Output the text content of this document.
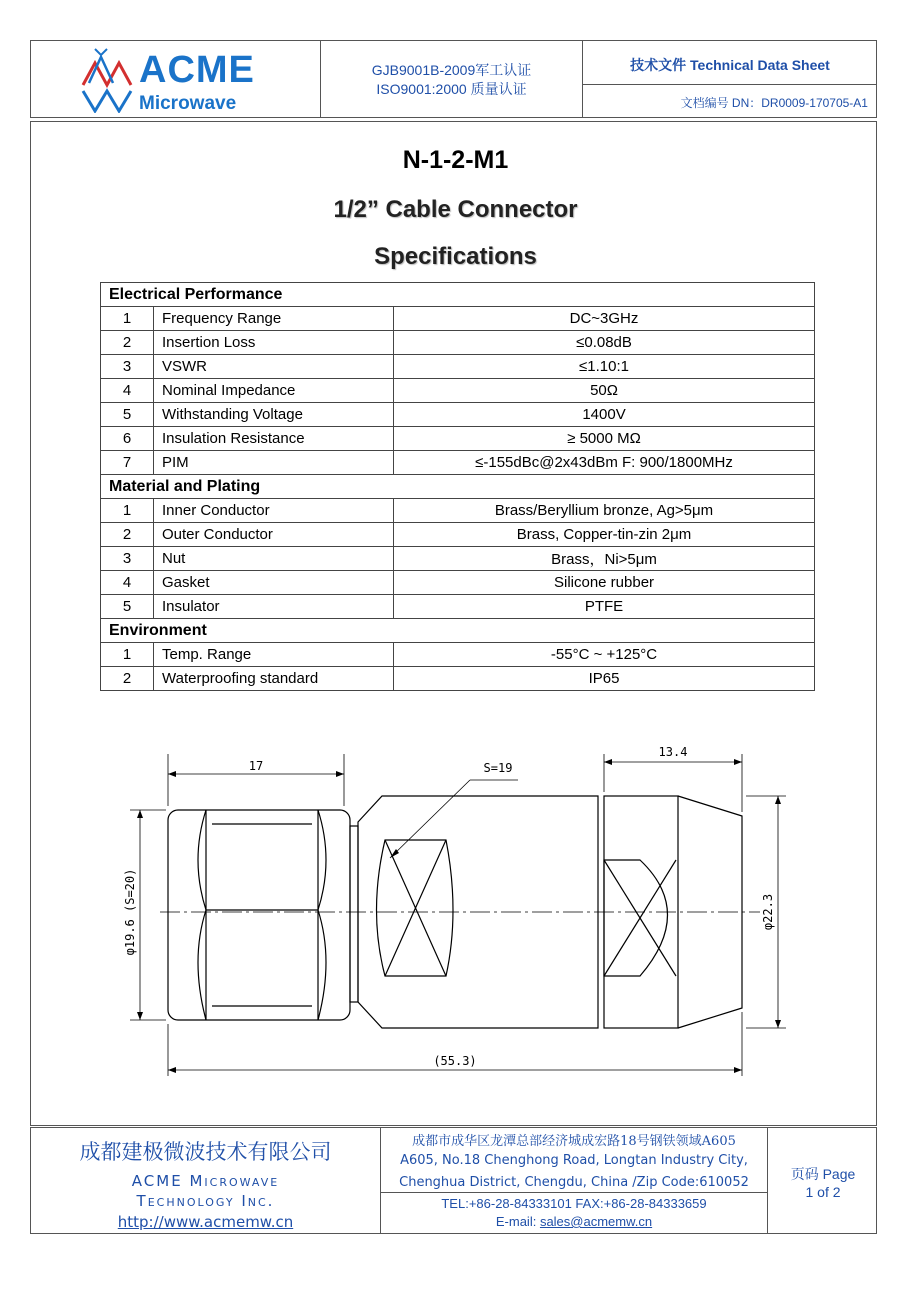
ACME
Microwave
GJB9001B-2009军工认证
ISO9001:2000 质量认证
技术文件 Technical Data Sheet
文档编号 DN：DR0009-170705-A1
N-1-2-M1
1/2” Cable Connector
Specifications
Electrical Performance		
1	Frequency Range	DC~3GHz
2	Insertion Loss	≤0.08dB
3	VSWR	≤1.10:1
4	Nominal Impedance	50Ω
5	Withstanding Voltage	1400V
6	Insulation Resistance	≥ 5000 MΩ
7	PIM	≤-155dBc@2x43dBm F: 900/1800MHz
Material and Plating		
1	Inner Conductor	Brass/Beryllium bronze, Ag>5μm
2	Outer Conductor	Brass, Copper-tin-zin 2μm
3	Nut	Brass，Ni>5μm
4	Gasket	Silicone rubber
5	Insulator	PTFE
Environment		
1	Temp. Range	-55°C ~ +125°C
2	Waterproofing standard	IP65
17
13.4
S=19
(55.3)
φ19.6 (S=20)	φ22.3
成都建极微波技术有限公司
ACME Microwave
Technology Inc.
http://www.acmemw.cn
成都市成华区龙潭总部经济城成宏路18号钢铁领域A605
A605, No.18 Chenghong Road, Longtan Industry City,
Chenghua District, Chengdu, China /Zip Code:610052
TEL:+86-28-84333101 FAX:+86-28-84333659
E-mail: sales@acmemw.cn
页码 Page
1 of 2
